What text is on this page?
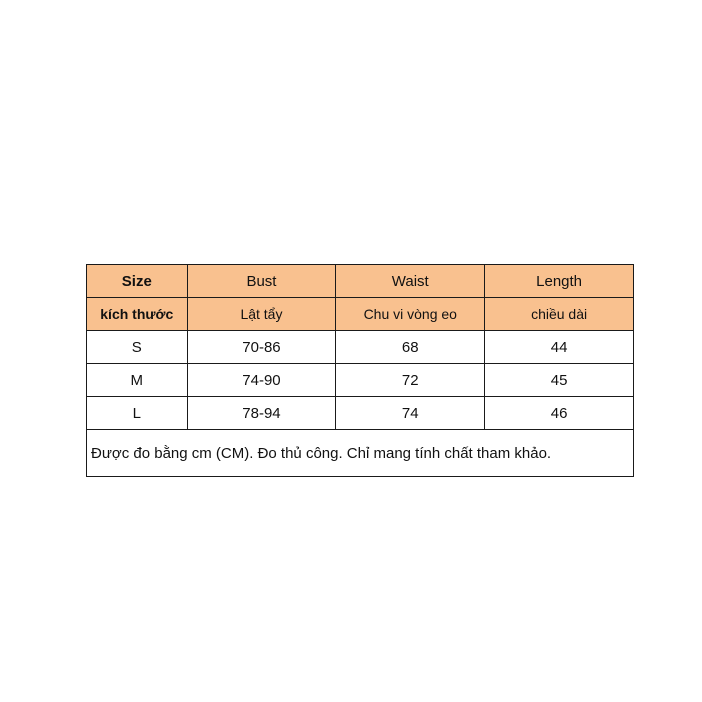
Size	Bust	Waist	Length
kích thước	Lật tẩy	Chu vi vòng eo	chiều dài
S	70-86	68	44
M	74-90	72	45
L	78-94	74	46
Được đo bằng cm (CM). Đo thủ công. Chỉ mang tính chất tham khảo.			
